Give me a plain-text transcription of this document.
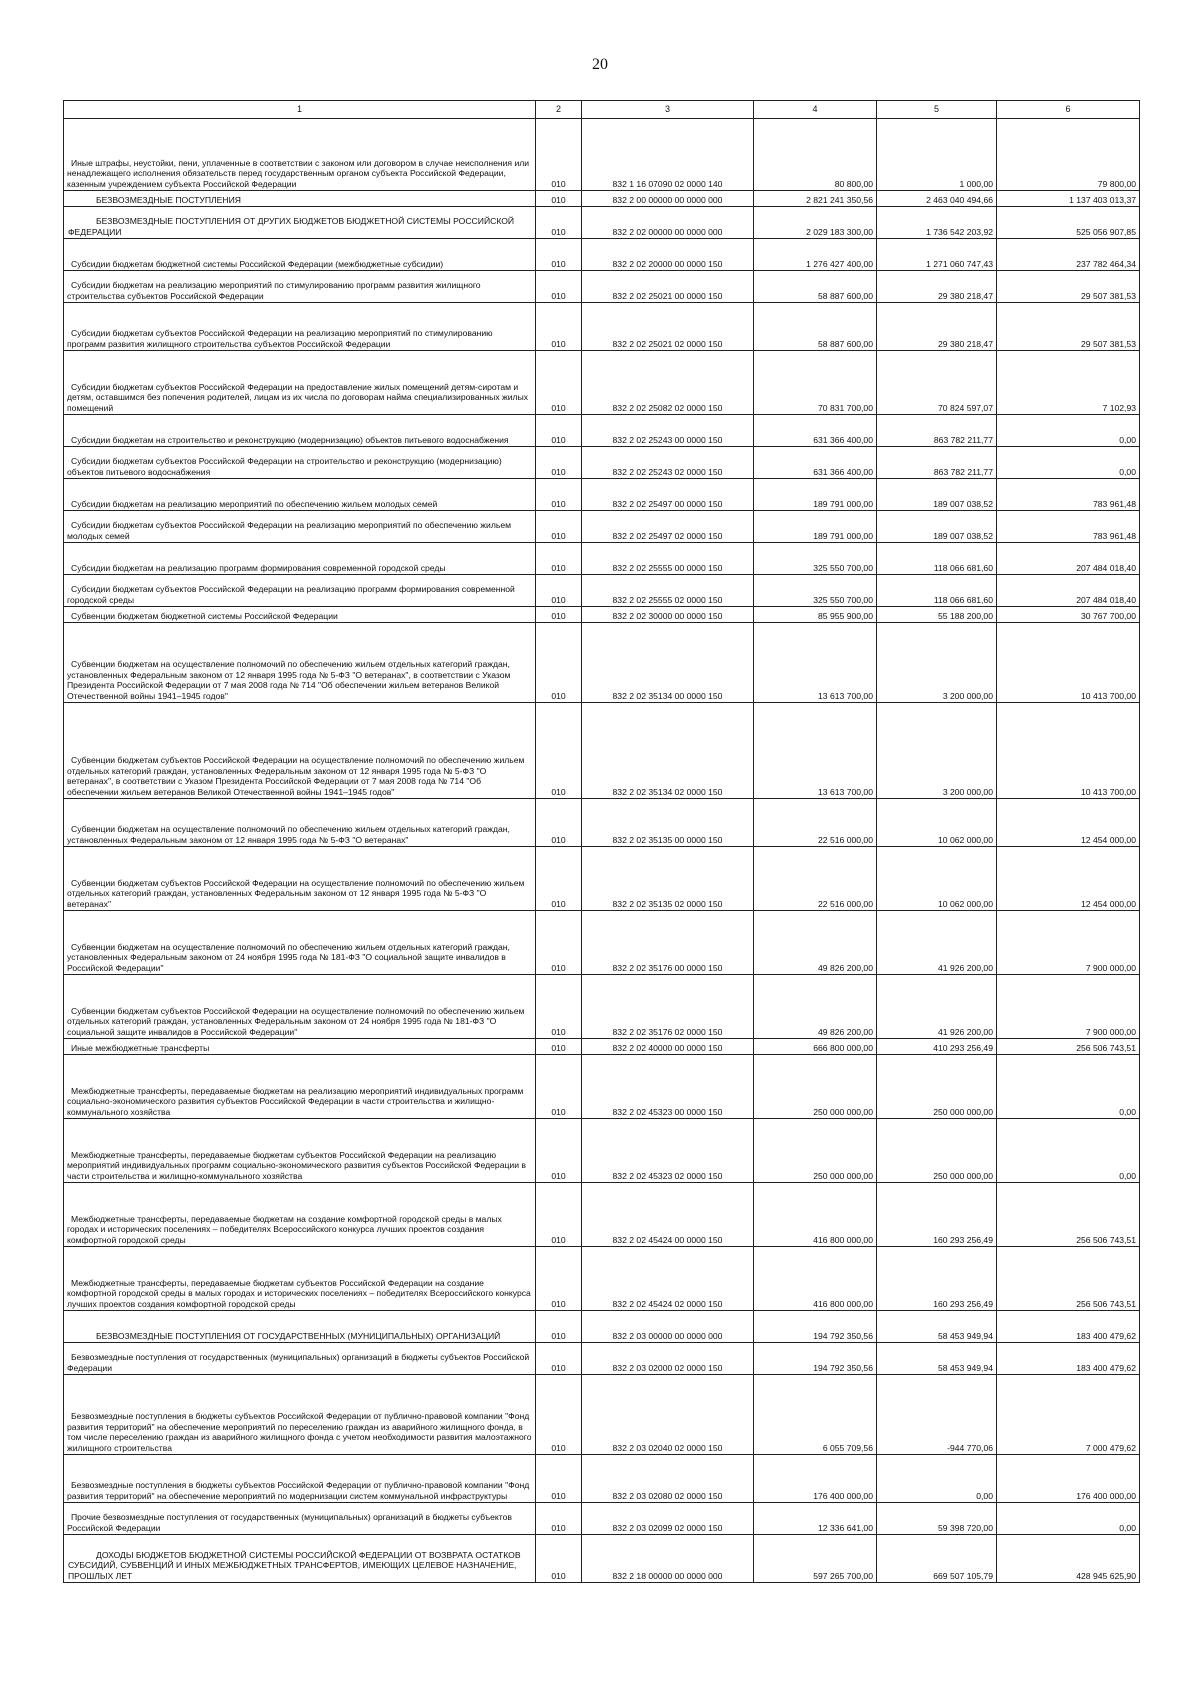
20
1	2	3	4	5	6
Иные штрафы, неустойки, пени, уплаченные в соответствии с законом или договором в случае неисполнения или ненадлежащего исполнения обязательств перед государственным органом субъекта Российской Федерации, казенным учреждением субъекта Российской Федерации	010	832 1 16 07090 02 0000 140	80 800,00	1 000,00	79 800,00
БЕЗВОЗМЕЗДНЫЕ ПОСТУПЛЕНИЯ	010	832 2 00 00000 00 0000 000	2 821 241 350,56	2 463 040 494,66	1 137 403 013,37
БЕЗВОЗМЕЗДНЫЕ ПОСТУПЛЕНИЯ ОТ ДРУГИХ БЮДЖЕТОВ БЮДЖЕТНОЙ СИСТЕМЫ РОССИЙСКОЙ ФЕДЕРАЦИИ	010	832 2 02 00000 00 0000 000	2 029 183 300,00	1 736 542 203,92	525 056 907,85
Субсидии бюджетам бюджетной системы Российской Федерации (межбюджетные субсидии)	010	832 2 02 20000 00 0000 150	1 276 427 400,00	1 271 060 747,43	237 782 464,34
Субсидии бюджетам на реализацию мероприятий по стимулированию программ развития жилищного строительства субъектов Российской Федерации	010	832 2 02 25021 00 0000 150	58 887 600,00	29 380 218,47	29 507 381,53
Субсидии бюджетам субъектов Российской Федерации на реализацию мероприятий по стимулированию программ развития жилищного строительства субъектов Российской Федерации	010	832 2 02 25021 02 0000 150	58 887 600,00	29 380 218,47	29 507 381,53
Субсидии бюджетам субъектов Российской Федерации на предоставление жилых помещений детям-сиротам и детям, оставшимся без попечения родителей, лицам из их числа по договорам найма специализированных жилых помещений	010	832 2 02 25082 02 0000 150	70 831 700,00	70 824 597,07	7 102,93
Субсидии бюджетам на строительство и реконструкцию (модернизацию) объектов питьевого водоснабжения	010	832 2 02 25243 00 0000 150	631 366 400,00	863 782 211,77	0,00
Субсидии бюджетам субъектов Российской Федерации на строительство и реконструкцию (модернизацию) объектов питьевого водоснабжения	010	832 2 02 25243 02 0000 150	631 366 400,00	863 782 211,77	0,00
Субсидии бюджетам на реализацию мероприятий по обеспечению жильем молодых семей	010	832 2 02 25497 00 0000 150	189 791 000,00	189 007 038,52	783 961,48
Субсидии бюджетам субъектов Российской Федерации на реализацию мероприятий по обеспечению жильем молодых семей	010	832 2 02 25497 02 0000 150	189 791 000,00	189 007 038,52	783 961,48
Субсидии бюджетам на реализацию программ формирования современной городской среды	010	832 2 02 25555 00 0000 150	325 550 700,00	118 066 681,60	207 484 018,40
Субсидии бюджетам субъектов Российской Федерации на реализацию программ формирования современной городской среды	010	832 2 02 25555 02 0000 150	325 550 700,00	118 066 681,60	207 484 018,40
Субвенции бюджетам бюджетной системы Российской Федерации	010	832 2 02 30000 00 0000 150	85 955 900,00	55 188 200,00	30 767 700,00
Субвенции бюджетам на осуществление полномочий по обеспечению жильем отдельных категорий граждан, установленных Федеральным законом от 12 января 1995 года № 5-ФЗ "О ветеранах", в соответствии с Указом Президента Российской Федерации от 7 мая 2008 года № 714 "Об обеспечении жильем ветеранов Великой Отечественной войны 1941–1945 годов"	010	832 2 02 35134 00 0000 150	13 613 700,00	3 200 000,00	10 413 700,00
Субвенции бюджетам субъектов Российской Федерации на осуществление полномочий по обеспечению жильем отдельных категорий граждан, установленных Федеральным законом от 12 января 1995 года № 5-ФЗ "О ветеранах", в соответствии с Указом Президента Российской Федерации от 7 мая 2008 года № 714 "Об обеспечении жильем ветеранов Великой Отечественной войны 1941–1945 годов"	010	832 2 02 35134 02 0000 150	13 613 700,00	3 200 000,00	10 413 700,00
Субвенции бюджетам на осуществление полномочий по обеспечению жильем отдельных категорий граждан, установленных Федеральным законом от 12 января 1995 года № 5-ФЗ "О ветеранах"	010	832 2 02 35135 00 0000 150	22 516 000,00	10 062 000,00	12 454 000,00
Субвенции бюджетам субъектов Российской Федерации на осуществление полномочий по обеспечению жильем отдельных категорий граждан, установленных Федеральным законом от 12 января 1995 года № 5-ФЗ "О ветеранах"	010	832 2 02 35135 02 0000 150	22 516 000,00	10 062 000,00	12 454 000,00
Субвенции бюджетам на осуществление полномочий по обеспечению жильем отдельных категорий граждан, установленных Федеральным законом от 24 ноября 1995 года № 181-ФЗ "О социальной защите инвалидов в Российской Федерации"	010	832 2 02 35176 00 0000 150	49 826 200,00	41 926 200,00	7 900 000,00
Субвенции бюджетам субъектов Российской Федерации на осуществление полномочий по обеспечению жильем отдельных категорий граждан, установленных Федеральным законом от 24 ноября 1995 года № 181-ФЗ "О социальной защите инвалидов в Российской Федерации"	010	832 2 02 35176 02 0000 150	49 826 200,00	41 926 200,00	7 900 000,00
Иные межбюджетные трансферты	010	832 2 02 40000 00 0000 150	666 800 000,00	410 293 256,49	256 506 743,51
Межбюджетные трансферты, передаваемые бюджетам на реализацию мероприятий индивидуальных программ социально-экономического развития субъектов Российской Федерации в части строительства и жилищно-коммунального хозяйства	010	832 2 02 45323 00 0000 150	250 000 000,00	250 000 000,00	0,00
Межбюджетные трансферты, передаваемые бюджетам субъектов Российской Федерации на реализацию мероприятий индивидуальных программ социально-экономического развития субъектов Российской Федерации в части строительства и жилищно-коммунального хозяйства	010	832 2 02 45323 02 0000 150	250 000 000,00	250 000 000,00	0,00
Межбюджетные трансферты, передаваемые бюджетам на создание комфортной городской среды в малых городах и исторических поселениях – победителях Всероссийского конкурса лучших проектов создания комфортной городской среды	010	832 2 02 45424 00 0000 150	416 800 000,00	160 293 256,49	256 506 743,51
Межбюджетные трансферты, передаваемые бюджетам субъектов Российской Федерации на создание комфортной городской среды в малых городах и исторических поселениях – победителях Всероссийского конкурса лучших проектов создания комфортной городской среды	010	832 2 02 45424 02 0000 150	416 800 000,00	160 293 256,49	256 506 743,51
БЕЗВОЗМЕЗДНЫЕ ПОСТУПЛЕНИЯ ОТ ГОСУДАРСТВЕННЫХ (МУНИЦИПАЛЬНЫХ) ОРГАНИЗАЦИЙ	010	832 2 03 00000 00 0000 000	194 792 350,56	58 453 949,94	183 400 479,62
Безвозмездные поступления от государственных (муниципальных) организаций в бюджеты субъектов Российской Федерации	010	832 2 03 02000 02 0000 150	194 792 350,56	58 453 949,94	183 400 479,62
Безвозмездные поступления в бюджеты субъектов Российской Федерации от публично-правовой компании "Фонд развития территорий" на обеспечение мероприятий по переселению граждан из аварийного жилищного фонда, в том числе переселению граждан из аварийного жилищного фонда с учетом необходимости развития малоэтажного жилищного строительства	010	832 2 03 02040 02 0000 150	6 055 709,56	-944 770,06	7 000 479,62
Безвозмездные поступления в бюджеты субъектов Российской Федерации от публично-правовой компании "Фонд развития территорий" на обеспечение мероприятий по модернизации систем коммунальной инфраструктуры	010	832 2 03 02080 02 0000 150	176 400 000,00	0,00	176 400 000,00
Прочие безвозмездные поступления от государственных (муниципальных) организаций в бюджеты субъектов Российской Федерации	010	832 2 03 02099 02 0000 150	12 336 641,00	59 398 720,00	0,00
ДОХОДЫ БЮДЖЕТОВ БЮДЖЕТНОЙ СИСТЕМЫ РОССИЙСКОЙ ФЕДЕРАЦИИ ОТ ВОЗВРАТА ОСТАТКОВ СУБСИДИЙ, СУБВЕНЦИЙ И ИНЫХ МЕЖБЮДЖЕТНЫХ ТРАНСФЕРТОВ, ИМЕЮЩИХ ЦЕЛЕВОЕ НАЗНАЧЕНИЕ, ПРОШЛЫХ ЛЕТ	010	832 2 18 00000 00 0000 000	597 265 700,00	669 507 105,79	428 945 625,90
